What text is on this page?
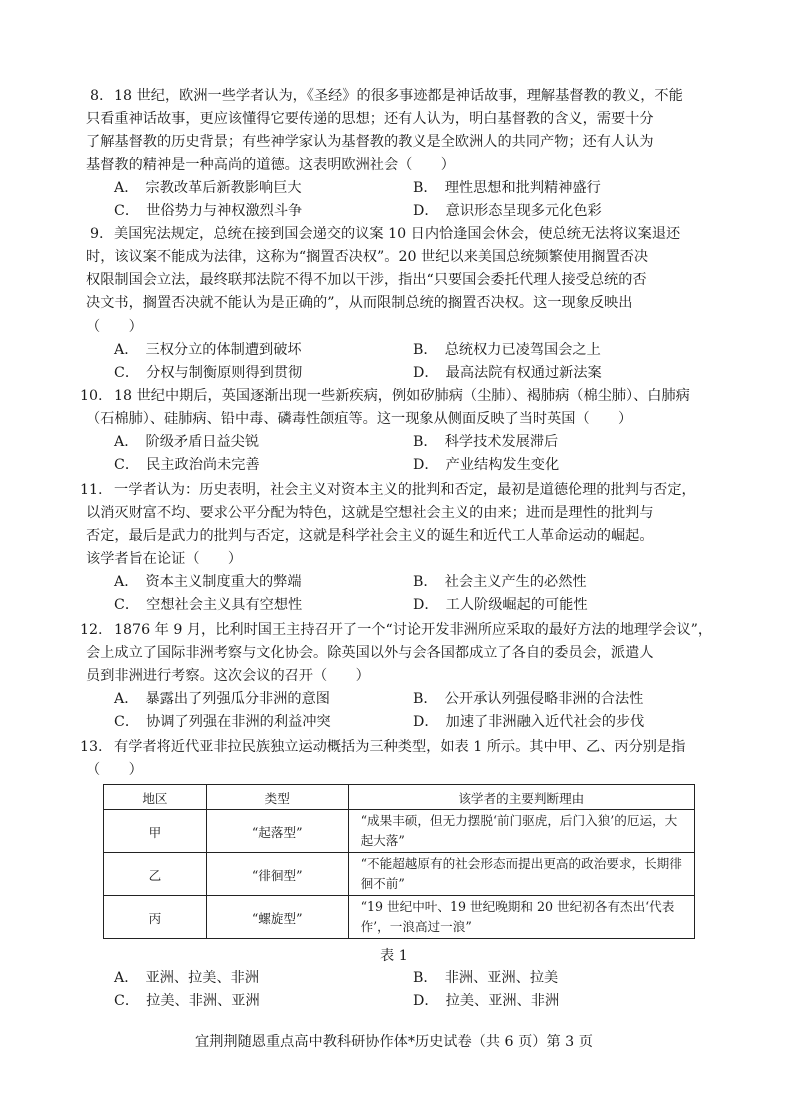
8. 18 世纪，欧洲一些学者认为，《圣经》的很多事迹都是神话故事，理解基督教的教义，不能
只看重神话故事，更应该懂得它要传递的思想；还有人认为，明白基督教的含义，需要十分
了解基督教的历史背景；有些神学家认为基督教的教义是全欧洲人的共同产物；还有人认为
基督教的精神是一种高尚的道德。这表明欧洲社会（　　）
A．　宗教改革后新教影响巨大	B．　理性思想和批判精神盛行
C．　世俗势力与神权激烈斗争	D．　意识形态呈现多元化色彩
9. 美国宪法规定，总统在接到国会递交的议案 10 日内恰逢国会休会，使总统无法将议案退还
时，该议案不能成为法律，这称为“搁置否决权”。20 世纪以来美国总统频繁使用搁置否决
权限制国会立法，最终联邦法院不得不加以干涉，指出“只要国会委托代理人接受总统的否
决文书，搁置否决就不能认为是正确的”，从而限制总统的搁置否决权。这一现象反映出
（　　）
A．　三权分立的体制遭到破坏	B．　总统权力已凌驾国会之上
C．　分权与制衡原则得到贯彻	D．　最高法院有权通过新法案
10. 18 世纪中期后，英国逐渐出现一些新疾病，例如矽肺病（尘肺）、褐肺病（棉尘肺）、白肺病
（石棉肺）、硅肺病、铅中毒、磷毒性颌疽等。这一现象从侧面反映了当时英国（　　）
A．　阶级矛盾日益尖锐	B．　科学技术发展滞后
C．　民主政治尚未完善	D．　产业结构发生变化
11. 一学者认为：历史表明，社会主义对资本主义的批判和否定，最初是道德伦理的批判与否定，
以消灭财富不均、要求公平分配为特色，这就是空想社会主义的由来；进而是理性的批判与
否定，最后是武力的批判与否定，这就是科学社会主义的诞生和近代工人革命运动的崛起。
该学者旨在论证（　　）
A．　资本主义制度重大的弊端	B．　社会主义产生的必然性
C．　空想社会主义具有空想性	D．　工人阶级崛起的可能性
12. 1876 年 9 月，比利时国王主持召开了一个“讨论开发非洲所应采取的最好方法的地理学会议”，
会上成立了国际非洲考察与文化协会。除英国以外与会各国都成立了各自的委员会，派遣人
员到非洲进行考察。这次会议的召开（　　）
A．　暴露出了列强瓜分非洲的意图	B．　公开承认列强侵略非洲的合法性
C．　协调了列强在非洲的利益冲突	D．　加速了非洲融入近代社会的步伐
13. 有学者将近代亚非拉民族独立运动概括为三种类型，如表 1 所示。其中甲、乙、丙分别是指
（　　）
地区	类型	该学者的主要判断理由
甲	“起落型”	“成果丰硕，但无力摆脱‘前门驱虎，后门入狼’的厄运，大起大落”
乙	“徘徊型”	“不能超越原有的社会形态而提出更高的政治要求，长期徘徊不前”
丙	“螺旋型”	“19 世纪中叶、19 世纪晚期和 20 世纪初各有杰出‘代表作’，一浪高过一浪”
表 1
A．　亚洲、拉美、非洲	B．　非洲、亚洲、拉美
C．　拉美、非洲、亚洲	D．　拉美、亚洲、非洲
宜荆荆随恩重点高中教科研协作体*历史试卷（共 6 页）第 3 页
